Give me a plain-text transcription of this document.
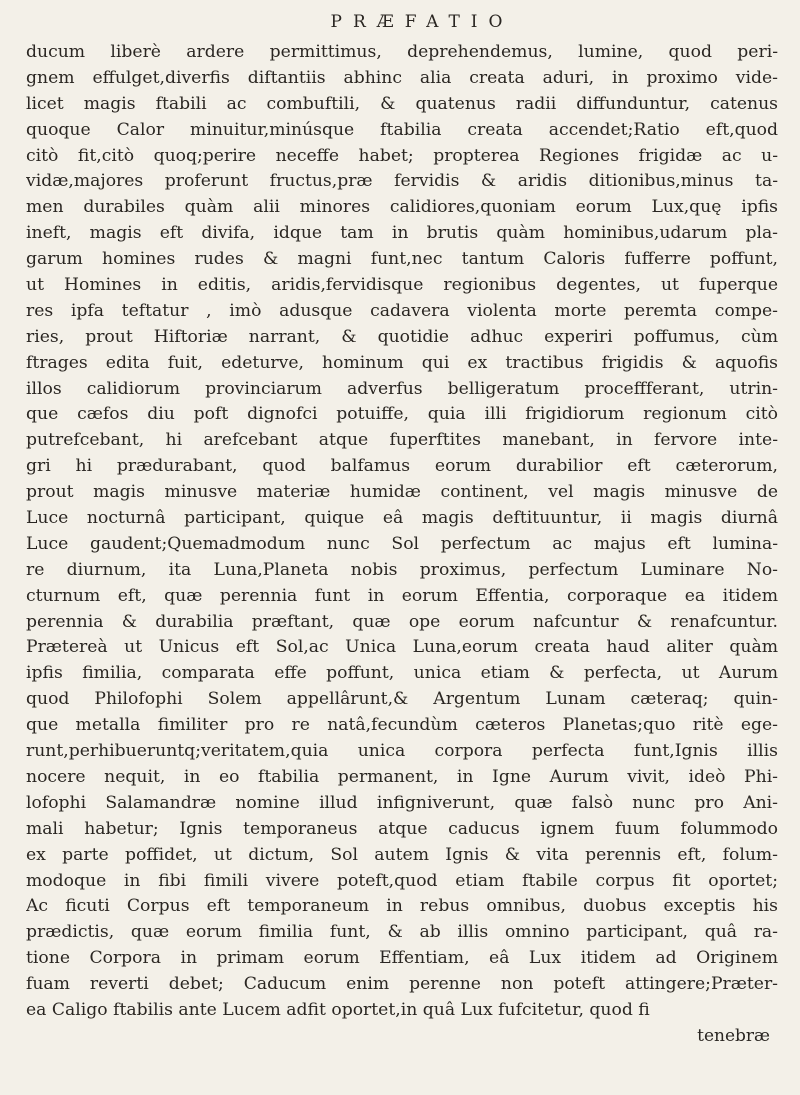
PRÆFATIO
ducum liberè ardere permittimus, deprehendemus, lumine, quod peri-
gnem effulget,diverfis diftantiis abhinc alia creata aduri, in proximo vide-
licet magis ftabili ac combuftili, & quatenus radii diffunduntur, catenus
quoque Calor minuitur,minúsque ftabilia creata accendet;Ratio eft,quod
citò fit,citò quoq;perire neceffe habet; propterea Regiones frigidæ ac u-
vidæ,majores proferunt fructus,præ fervidis & aridis ditionibus,minus ta-
men durabiles quàm alii minores calidiores,quoniam eorum Lux,quę ipfis
ineft, magis eft divifa, idque tam in brutis quàm hominibus,udarum pla-
garum homines rudes & magni funt,nec tantum Caloris fufferre poffunt,
ut Homines in editis, aridis,fervidisque regionibus degentes, ut fuperque
res ipfa teftatur , imò adusque cadavera violenta morte peremta compe-
ries, prout Hiftoriæ narrant, & quotidie adhuc experiri poffumus, cùm
ftrages edita fuit, edeturve, hominum qui ex tractibus frigidis & aquofis
illos calidiorum provinciarum adverfus belligeratum proceffferant, utrin-
que cæfos diu poft dignofci potuiffe, quia illi frigidiorum regionum citò
putrefcebant, hi arefcebant atque fuperftites manebant, in fervore inte-
gri hi prædurabant, quod balfamus eorum durabilior eft cæterorum,
prout magis minusve materiæ humidæ continent, vel magis minusve de
Luce nocturnâ participant, quique eâ magis deftituuntur, ii magis diurnâ
Luce gaudent;Quemadmodum nunc Sol perfectum ac majus eft lumina-
re diurnum, ita Luna,Planeta nobis proximus, perfectum Luminare No-
cturnum eft, quæ perennia funt in eorum Effentia, corporaque ea itidem
perennia & durabilia præftant, quæ ope eorum nafcuntur & renafcuntur.
Prætereà ut Unicus eft Sol,ac Unica Luna,eorum creata haud aliter quàm
ipfis fimilia, comparata effe poffunt, unica etiam & perfecta, ut Aurum
quod Philofophi Solem appellârunt,& Argentum Lunam cæteraq; quin-
que metalla fimiliter pro re natâ,fecundùm cæteros Planetas;quo ritè ege-
runt,perhibueruntq;veritatem,quia unica corpora perfecta funt,Ignis illis
nocere nequit, in eo ftabilia permanent, in Igne Aurum vivit, ideò Phi-
lofophi Salamandræ nomine illud infigniverunt, quæ falsò nunc pro Ani-
mali habetur; Ignis temporaneus atque caducus ignem fuum folummodo
ex parte poffidet, ut dictum, Sol autem Ignis & vita perennis eft, folum-
modoque in fibi fimili vivere poteft,quod etiam ftabile corpus fit oportet;
Ac ficuti Corpus eft temporaneum in rebus omnibus, duobus exceptis his
prædictis, quæ eorum fimilia funt, & ab illis omnino participant, quâ ra-
tione Corpora in primam eorum Effentiam, eâ Lux itidem ad Originem
fuam reverti debet; Caducum enim perenne non poteft attingere;Præter-
ea Caligo ftabilis ante Lucem adfit oportet,in quâ Lux fufcitetur, quod fi
tenebræ
